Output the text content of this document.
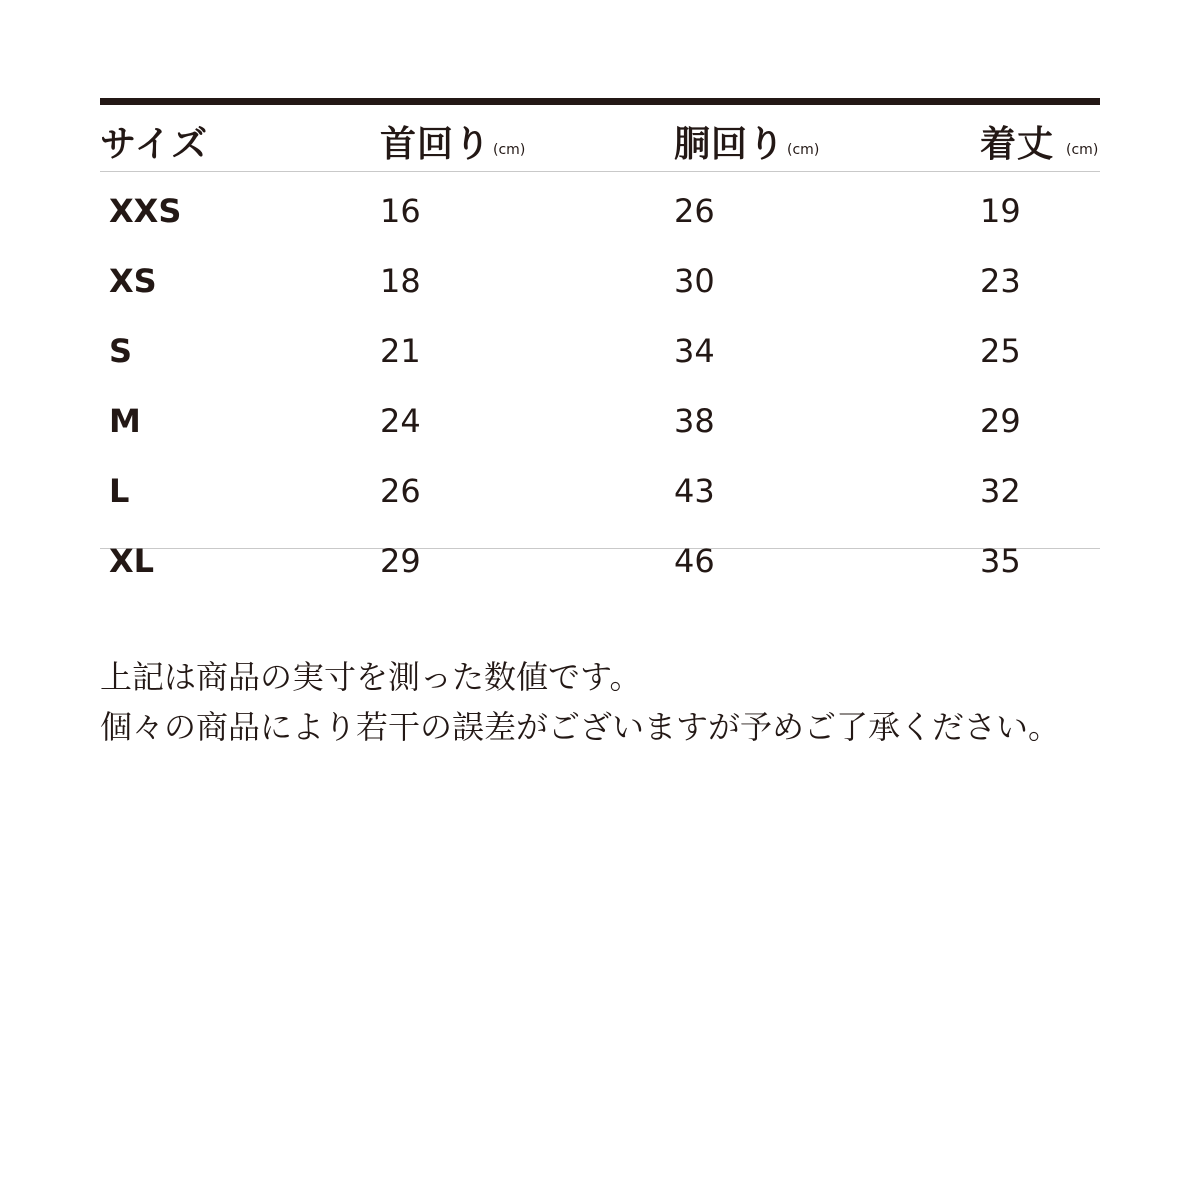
サイズ	首回り (cm)	胴回り (cm)	着丈 (cm)
XXS	16	26	19
XS	18	30	23
S	21	34	25
M	24	38	29
L	26	43	32
XL	29	46	35
上記は商品の実寸を測った数値です。
個々の商品により若干の誤差がございますが予めご了承ください。
